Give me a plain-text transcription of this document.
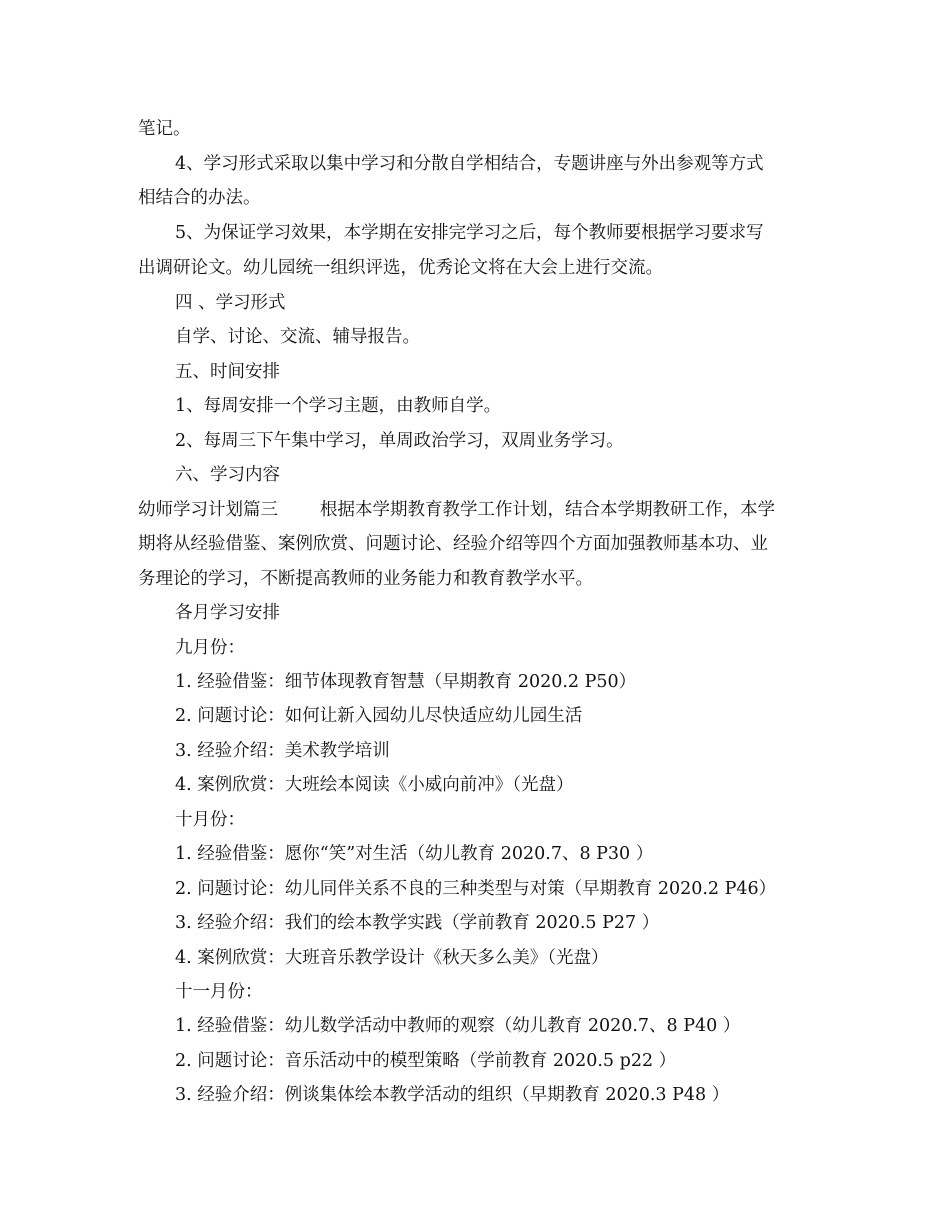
笔记。
4、学习形式采取以集中学习和分散自学相结合，专题讲座与外出参观等方式
相结合的办法。
5、为保证学习效果，本学期在安排完学习之后，每个教师要根据学习要求写
出调研论文。幼儿园统一组织评选，优秀论文将在大会上进行交流。
四 、学习形式
自学、讨论、交流、辅导报告。
五、时间安排
1、每周安排一个学习主题，由教师自学。
2、每周三下午集中学习，单周政治学习，双周业务学习。
六、学习内容
幼师学习计划篇三 根据本学期教育教学工作计划，结合本学期教研工作，本学
期将从经验借鉴、案例欣赏、问题讨论、经验介绍等四个方面加强教师基本功、业
务理论的学习，不断提高教师的业务能力和教育教学水平。
各月学习安排
九月份：
1. 经验借鉴：细节体现教育智慧（早期教育 2020.2 P50）
2. 问题讨论：如何让新入园幼儿尽快适应幼儿园生活
3. 经验介绍：美术教学培训
4. 案例欣赏：大班绘本阅读《小威向前冲》（光盘）
十月份：
1. 经验借鉴：愿你“笑”对生活（幼儿教育 2020.7、8 P30 ）
2. 问题讨论：幼儿同伴关系不良的三种类型与对策（早期教育 2020.2 P46）
3. 经验介绍：我们的绘本教学实践（学前教育 2020.5 P27 ）
4. 案例欣赏：大班音乐教学设计《秋天多么美》（光盘）
十一月份：
1. 经验借鉴：幼儿数学活动中教师的观察（幼儿教育 2020.7、8 P40 ）
2. 问题讨论：音乐活动中的模型策略（学前教育 2020.5 p22 ）
3. 经验介绍：例谈集体绘本教学活动的组织（早期教育 2020.3 P48 ）
